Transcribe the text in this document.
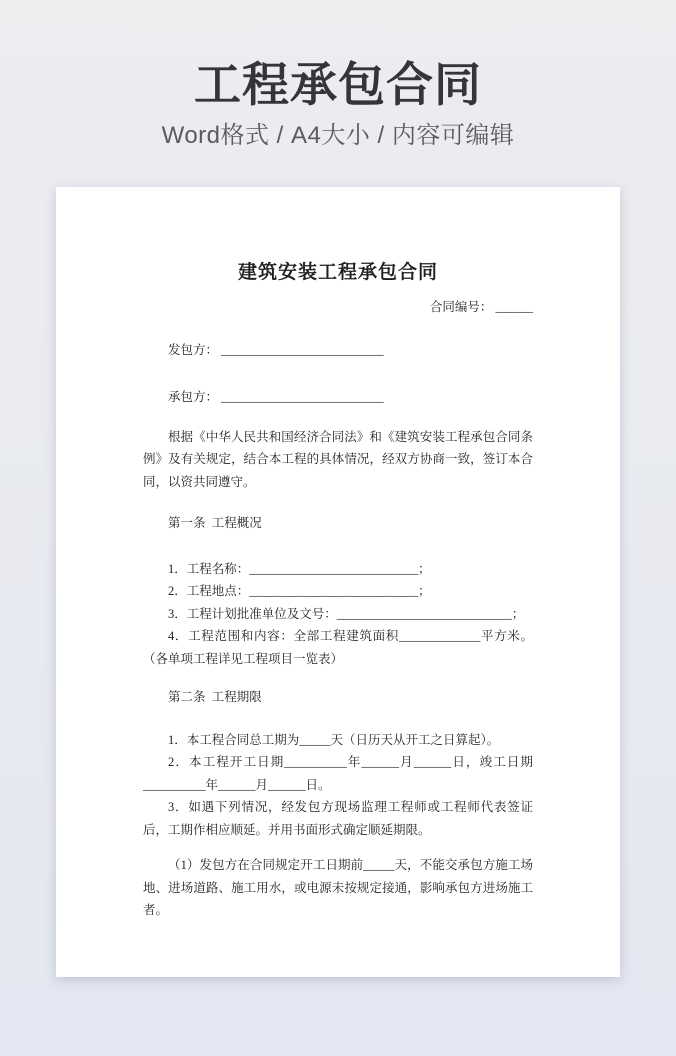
工程承包合同
Word格式 / A4大小 / 内容可编辑
建筑安装工程承包合同
合同编号： ______
发包方： __________________________
承包方： __________________________

根据《中华人民共和国经济合同法》和《建筑安装工程承包合同条例》及有关规定，结合本工程的具体情况，经双方协商一致，签订本合同，以资共同遵守。

第一条  工程概况

1．工程名称：___________________________；

2．工程地点：___________________________；

3．工程计划批准单位及文号：____________________________；

4．工程范围和内容：全部工程建筑面积_____________平方米。（各单项工程详见工程项目一览表）

第二条  工程期限

1．本工程合同总工期为_____天（日历天从开工之日算起）。

2．本工程开工日期__________年______月______日，竣工日期__________年______月______日。

3．如遇下列情况，经发包方现场监理工程师或工程师代表签证后，工期作相应顺延。并用书面形式确定顺延期限。

（1）发包方在合同规定开工日期前_____天，不能交承包方施工场地、进场道路、施工用水，或电源未按规定接通，影响承包方进场施工者。
